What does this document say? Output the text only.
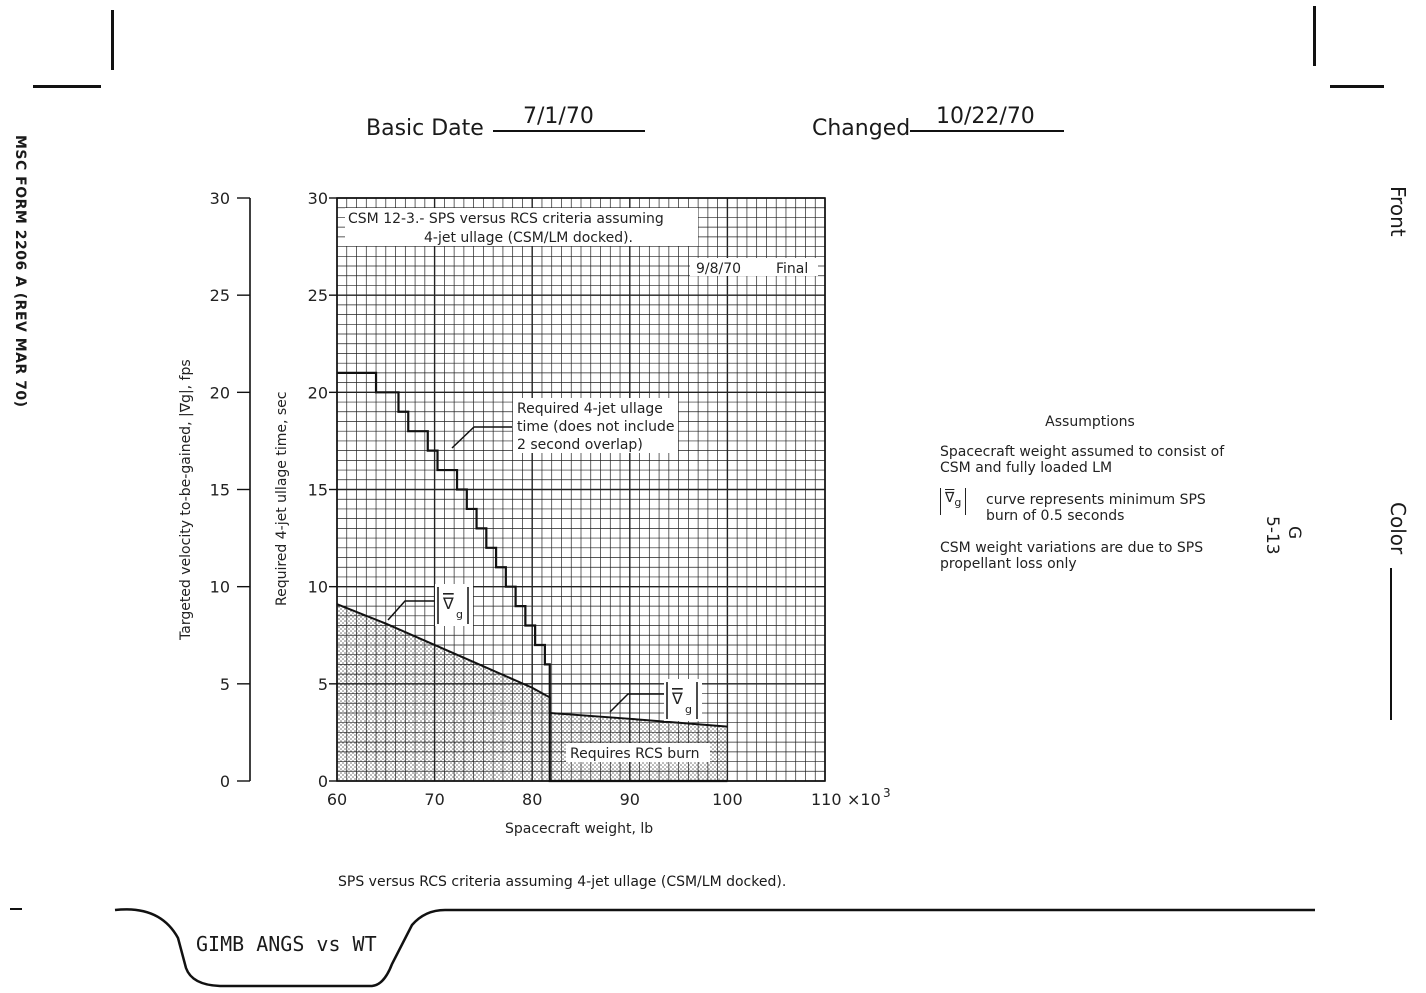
Basic Date 7/1/70	Changed 10/22/70
MSC FORM 2206 A (REV MAR 70)	Front
Color
G
5-13
Assumptions
Spacecraft weight assumed to consist of CSM and fully loaded LM
$\nabla_g$	curve represents minimum SPS burn of 0.5 seconds
CSM weight variations are due to SPS propellant loss only
0
5
10
15
20
25
30
0
5
10
15
20
25
30
60	70	80	90	100	110 ×10 3
CSM 12-3.- SPS versus RCS criteria assuming
4-jet ullage (CSM/LM docked).
9/8/70 Final
Required 4-jet ullage time (does not include 2 second overlap)
∇
g
∇
g
Requires RCS burn
Targeted velocity to-be-gained, |∇g|, fps	Required 4-jet ullage time, sec
Spacecraft weight, lb
SPS versus RCS criteria assuming 4-jet ullage (CSM/LM docked).
GIMB ANGS vs WT
